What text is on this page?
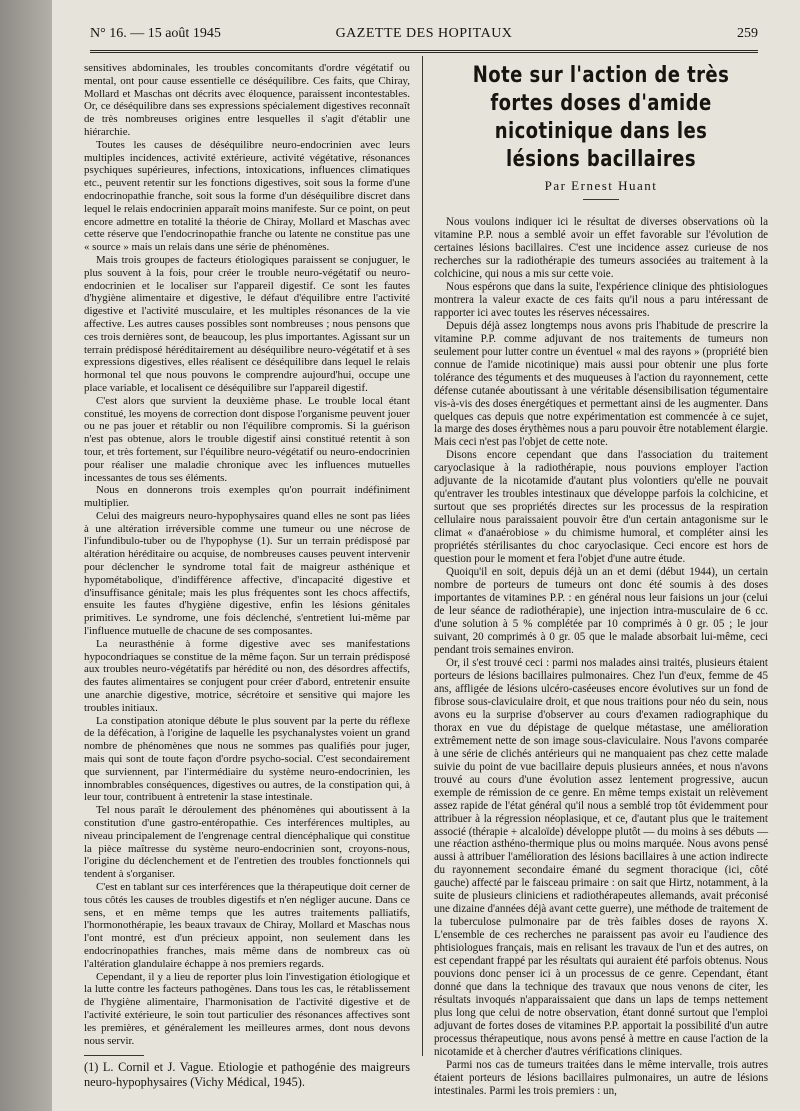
N° 16. — 15 août 1945	GAZETTE DES HOPITAUX	259

sensitives abdominales, les troubles concomitants d'ordre végétatif ou mental, ont pour cause essentielle ce déséquilibre. Ces faits, que Chiray, Mollard et Maschas ont décrits avec éloquence, paraissent incontestables. Or, ce déséquilibre dans ses expressions spécialement digestives reconnaît de très nombreuses origines entre lesquelles il s'agit d'établir une hiérarchie.

Toutes les causes de déséquilibre neuro-endocrinien avec leurs multiples incidences, activité extérieure, activité végétative, résonances psychiques supérieures, infections, intoxications, influences climatiques etc., peuvent retentir sur les fonctions digestives, soit sous la forme d'une endocrinopathie franche, soit sous la forme d'un déséquilibre discret dans lequel le relais endocrinien apparaît moins manifeste. Sur ce point, on peut encore admettre en totalité la théorie de Chiray, Mollard et Maschas avec cette réserve que l'endocrinopathie franche ou latente ne constitue pas une « source » mais un relais dans une série de phénomènes.

Mais trois groupes de facteurs étiologiques paraissent se conjuguer, le plus souvent à la fois, pour créer le trouble neuro-végétatif ou neuro-endocrinien et le localiser sur l'appareil digestif. Ce sont les fautes d'hygiène alimentaire et digestive, le défaut d'équilibre entre l'activité digestive et l'activité musculaire, et les multiples résonances de la vie affective. Les autres causes possibles sont nombreuses ; nous pensons que ces trois dernières sont, de beaucoup, les plus importantes. Agissant sur un terrain prédisposé héréditairement au déséquilibre neuro-végétatif et à ses expressions digestives, elles réalisent ce déséquilibre dans lequel le relais hormonal tel que nous pouvons le comprendre aujourd'hui, occupe une place variable, et localisent ce déséquilibre sur l'appareil digestif.

C'est alors que survient la deuxième phase. Le trouble local étant constitué, les moyens de correction dont dispose l'organisme peuvent jouer ou ne pas jouer et rétablir ou non l'équilibre compromis. Si la guérison n'est pas obtenue, alors le trouble digestif ainsi constitué retentit à son tour, et très fortement, sur l'équilibre neuro-végétatif ou neuro-endocrinien pour réaliser une maladie chronique avec les influences mutuelles incessantes de tous ses éléments.

Nous en donnerons trois exemples qu'on pourrait indéfiniment multiplier.

Celui des maigreurs neuro-hypophysaires quand elles ne sont pas liées à une altération irréversible comme une tumeur ou une nécrose de l'infundibulo-tuber ou de l'hypophyse (1). Sur un terrain prédisposé par altération héréditaire ou acquise, de nombreuses causes peuvent intervenir pour déclencher le syndrome total fait de maigreur asthénique et hypométabolique, d'indifférence affective, d'incapacité digestive et d'insuffisance génitale; mais les plus fréquentes sont les chocs affectifs, ensuite les fautes d'hygiène digestive, enfin les lésions génitales primitives. Le syndrome, une fois déclenché, s'entretient lui-même par l'influence mutuelle de chacune de ses composantes.

La neurasthénie à forme digestive avec ses manifestations hypocondriaques se constitue de la même façon. Sur un terrain prédisposé aux troubles neuro-végétatifs par hérédité ou non, des désordres affectifs, des fautes alimentaires se conjugent pour créer d'abord, entretenir ensuite une anarchie digestive, motrice, sécrétoire et sensitive qui majore les troubles initiaux.

La constipation atonique débute le plus souvent par la perte du réflexe de la défécation, à l'origine de laquelle les psychanalystes voient un grand nombre de phénomènes que nous ne sommes pas qualifiés pour juger, mais qui sont de toute façon d'ordre psycho-social. C'est secondairement que surviennent, par l'intermédiaire du système neuro-endocrinien, les innombrables conséquences, digestives ou autres, de la constipation qui, à leur tour, contribuent à entretenir la stase intestinale.

Tel nous paraît le déroulement des phénomènes qui aboutissent à la constitution d'une gastro-entéropathie. Ces interférences multiples, au niveau principalement de l'engrenage central diencéphalique qui constitue la pièce maîtresse du système neuro-endocrinien sont, croyons-nous, l'origine du déclenchement et de l'entretien des troubles fonctionnels qui tendent à s'organiser.

C'est en tablant sur ces interférences que la thérapeutique doit cerner de tous côtés les causes de troubles digestifs et n'en négliger aucune. Dans ce sens, et en même temps que les autres traitements palliatifs, l'hormonothérapie, les beaux travaux de Chiray, Mollard et Maschas nous l'ont montré, est d'un précieux appoint, non seulement dans les endocrinopathies franches, mais même dans de nombreux cas où l'altération glandulaire échappe à nos premiers regards.

Cependant, il y a lieu de reporter plus loin l'investigation étiologique et la lutte contre les facteurs pathogènes. Dans tous les cas, le rétablissement de l'hygiène alimentaire, l'harmonisation de l'activité digestive et de l'activité extérieure, le soin tout particulier des résonances affectives sont les premières, et généralement les meilleures armes, dont nous devons nous servir.

(1) L. Cornil et J. Vague. Etiologie et pathogénie des maigreurs neuro-hypophysaires (Vichy Médical, 1945).

Note sur l'action de très fortes doses d'amide nicotinique dans les lésions bacillaires
Par Ernest Huant

Nous voulons indiquer ici le résultat de diverses observations où la vitamine P.P. nous a semblé avoir un effet favorable sur l'évolution de certaines lésions bacillaires. C'est une incidence assez curieuse de nos recherches sur la radiothérapie des tumeurs associées au traitement à la colchicine, qui nous a mis sur cette voie.

Nous espérons que dans la suite, l'expérience clinique des phtisiologues montrera la valeur exacte de ces faits qu'il nous a paru intéressant de rapporter ici avec toutes les réserves nécessaires.

Depuis déjà assez longtemps nous avons pris l'habitude de prescrire la vitamine P.P. comme adjuvant de nos traitements de tumeurs non seulement pour lutter contre un éventuel « mal des rayons » (propriété bien connue de l'amide nicotinique) mais aussi pour obtenir une plus forte tolérance des téguments et des muqueuses à l'action du rayonnement, cette défense cutanée aboutissant à une véritable désensibilisation tégumentaire vis-à-vis des doses énergétiques et permettant ainsi de les augmenter. Dans quelques cas depuis que notre expérimentation est commencée à ce sujet, la marge des doses érythèmes nous a paru pouvoir être notablement élargie. Mais ceci n'est pas l'objet de cette note.

Disons encore cependant que dans l'association du traitement caryoclasique à la radiothérapie, nous pouvions employer l'action adjuvante de la nicotamide d'autant plus volontiers qu'elle ne pouvait qu'entraver les troubles intestinaux que développe parfois la colchicine, et surtout que ses propriétés directes sur les processus de la respiration cellulaire nous paraissaient pouvoir être d'un certain antagonisme sur le climat « d'anaérobiose » du chimisme humoral, et compléter ainsi les propriétés stérilisantes du choc caryoclasique. Ceci encore est hors de question pour le moment et fera l'objet d'une autre étude.

Quoiqu'il en soit, depuis déjà un an et demi (début 1944), un certain nombre de porteurs de tumeurs ont donc été soumis à des doses importantes de vitamines P.P. : en général nous leur faisions un jour (celui de leur séance de radiothérapie), une injection intra-musculaire de 6 cc. d'une solution à 5 % complétée par 10 comprimés à 0 gr. 05 ; le jour suivant, 20 comprimés à 0 gr. 05 que le malade absorbait lui-même, ceci pendant trois semaines environ.

Or, il s'est trouvé ceci : parmi nos malades ainsi traités, plusieurs étaient porteurs de lésions bacillaires pulmonaires. Chez l'un d'eux, femme de 45 ans, affligée de lésions ulcéro-caséeuses encore évolutives sur un fond de fibrose sous-claviculaire droit, et que nous traitions pour néo du sein, nous avons eu la surprise d'observer au cours d'examen radiographique du thorax en vue du dépistage de quelque métastase, une amélioration extrêmement nette de son image sous-claviculaire. Nous l'avons comparée à une série de clichés antérieurs qui ne manquaient pas chez cette malade suivie du point de vue bacillaire depuis plusieurs années, et nous n'avons trouvé au cours d'une évolution assez lentement progressive, aucun exemple de rémission de ce genre. En même temps existait un relèvement assez rapide de l'état général qu'il nous a semblé trop tôt évidemment pour attribuer à la régression néoplasique, et ce, d'autant plus que le traitement associé (thérapie + alcaloïde) développe plutôt — du moins à ses débuts — une réaction asthéno-thermique plus ou moins marquée. Nous avons pensé aussi à attribuer l'amélioration des lésions bacillaires à une action indirecte du rayonnement secondaire émané du segment thoracique (ici, côté gauche) affecté par le faisceau primaire : on sait que Hirtz, notamment, à la suite de plusieurs cliniciens et radiothérapeutes allemands, avait préconisé une dizaine d'années déjà avant cette guerre), une méthode de traitement de la tuberculose pulmonaire par de très faibles doses de rayons X. L'ensemble de ces recherches ne paraissent pas avoir eu l'audience des phtisiologues français, mais en relisant les travaux de l'un et des autres, on est cependant frappé par les résultats qui auraient été parfois obtenus. Nous pouvions donc penser ici à un processus de ce genre. Cependant, étant donné que dans la technique des travaux que nous venons de citer, les résultats invoqués n'apparaissaient que dans un laps de temps nettement plus long que celui de notre observation, étant donné surtout que l'emploi adjuvant de fortes doses de vitamines P.P. apportait la possibilité d'un autre processus thérapeutique, nous avons pensé à mettre en cause l'action de la nicotamide et à chercher d'autres vérifications cliniques.

Parmi nos cas de tumeurs traitées dans le même intervalle, trois autres étaient porteurs de lésions bacillaires pulmonaires, un autre de lésions intestinales. Parmi les trois premiers : un,
